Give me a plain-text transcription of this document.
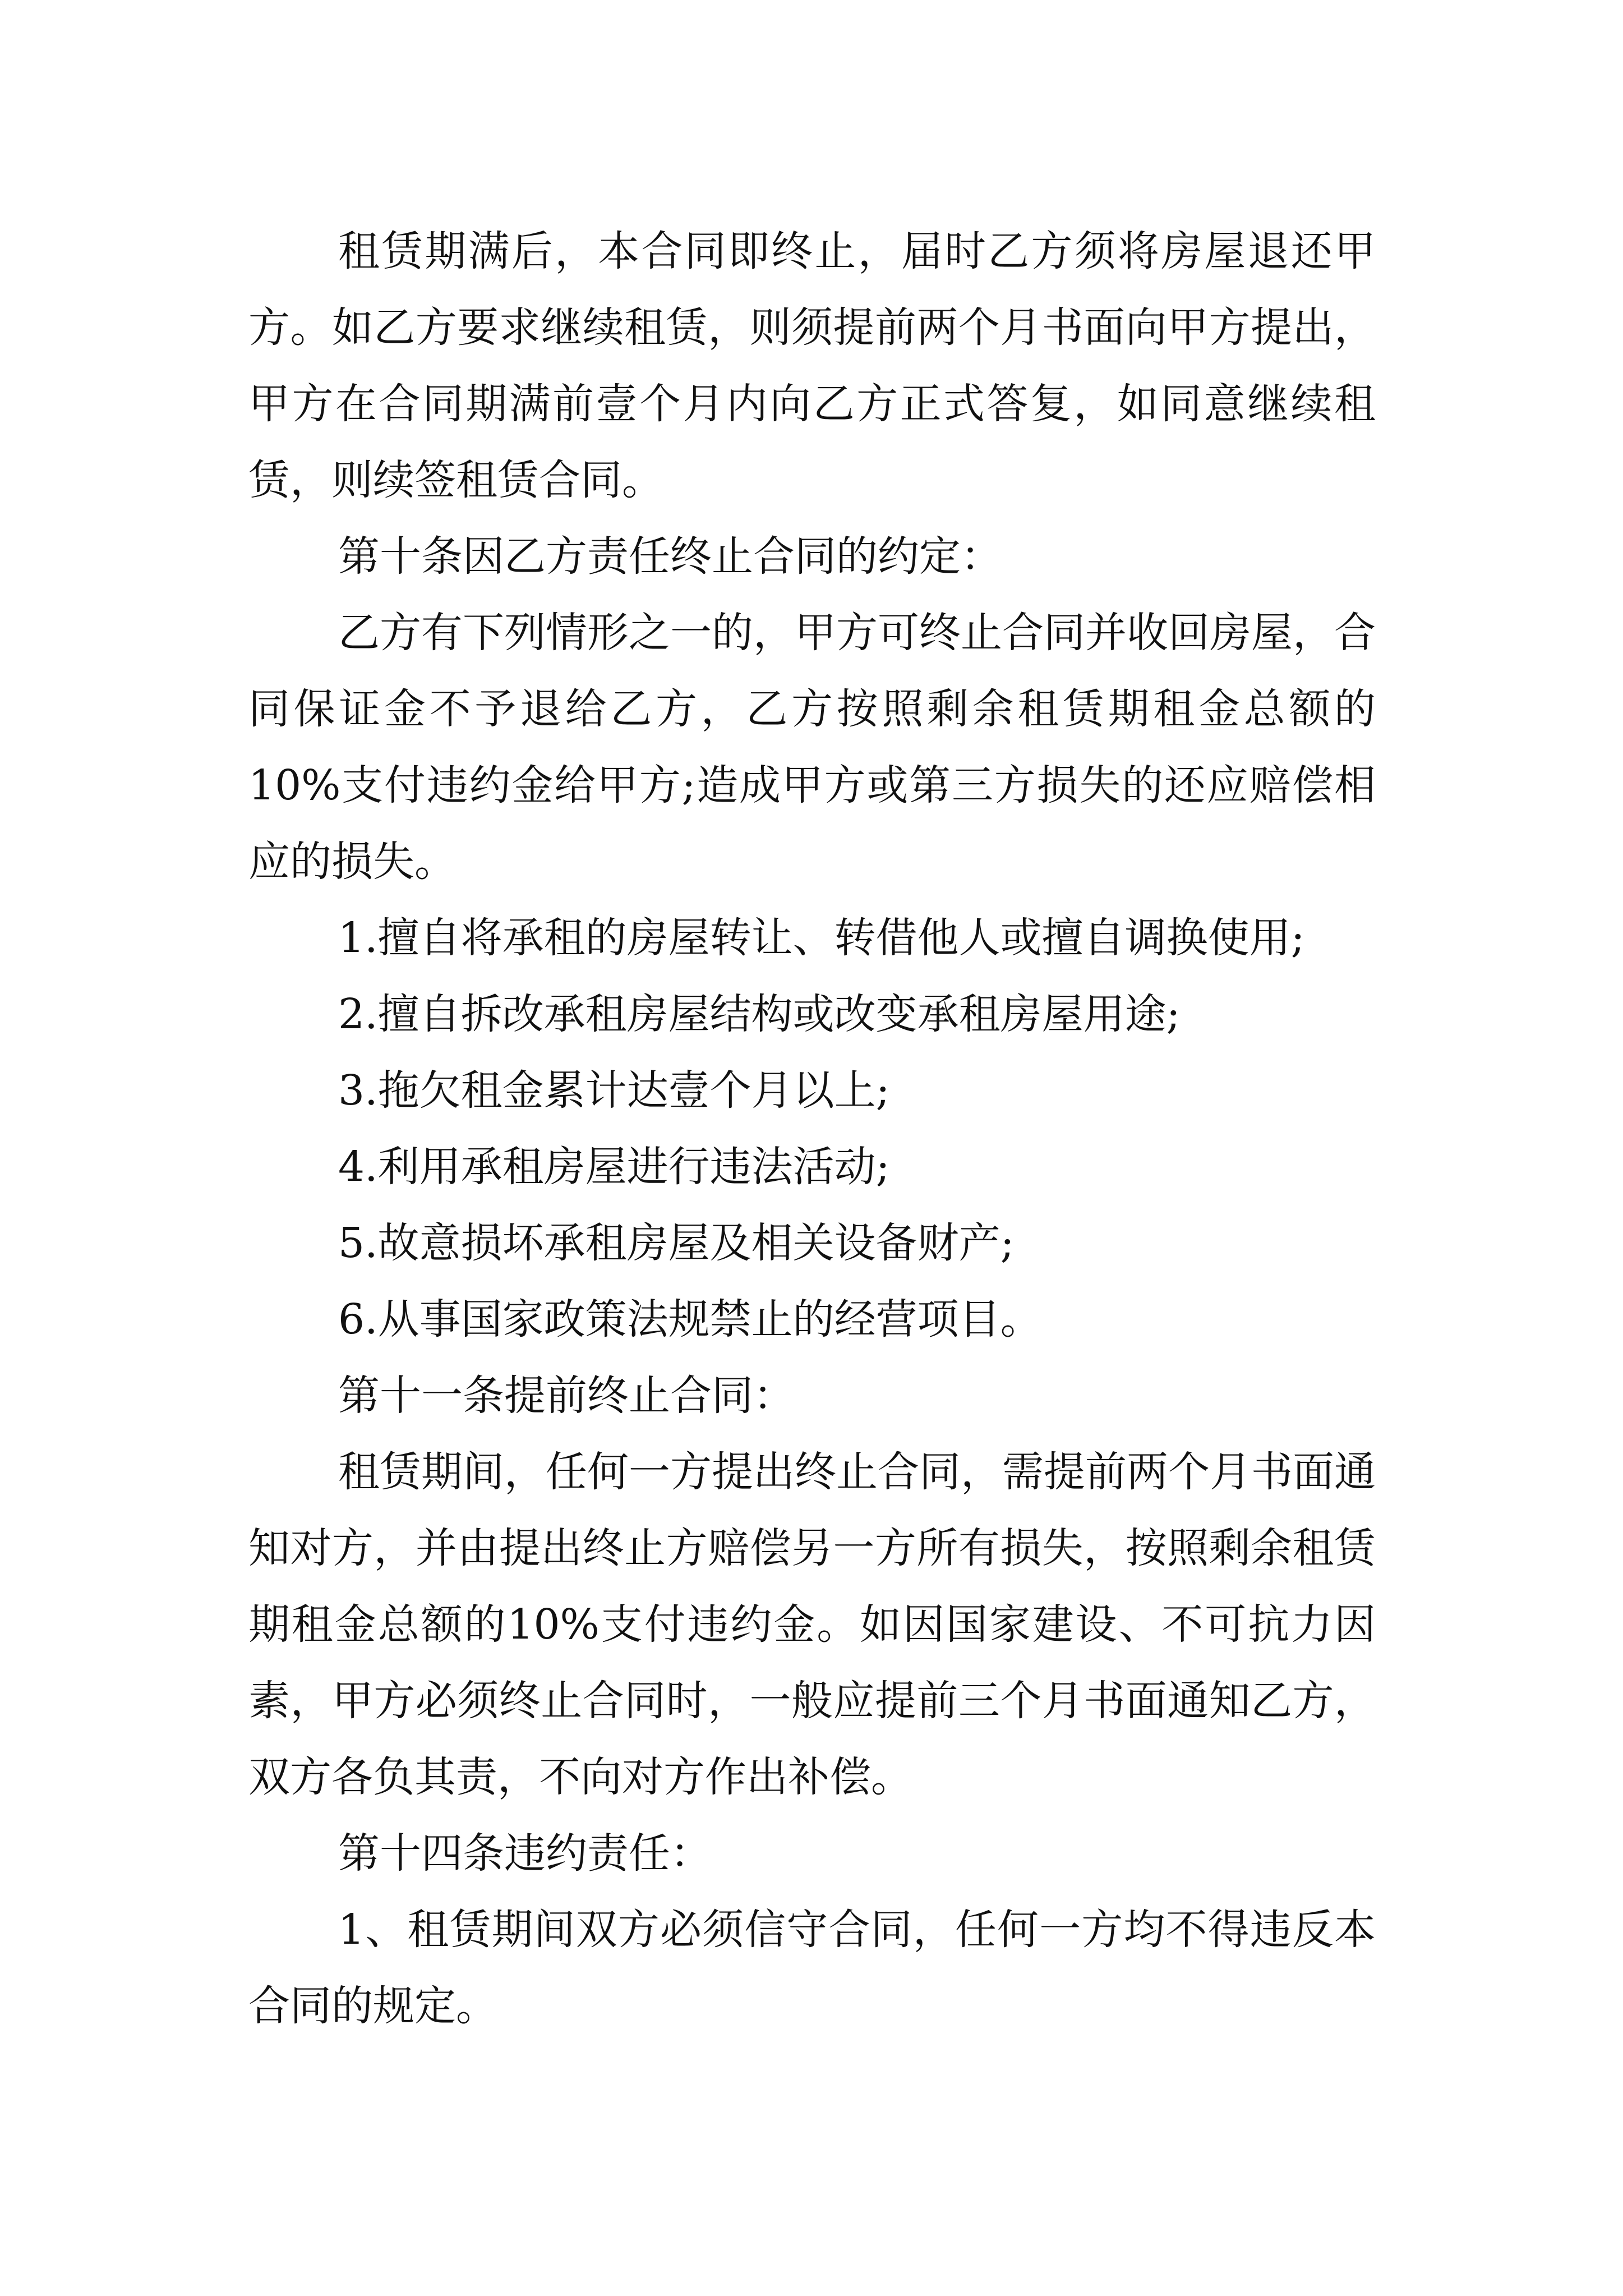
租赁期满后，本合同即终止，届时乙方须将房屋退还甲方。如乙方要求继续租赁，则须提前两个月书面向甲方提出，甲方在合同期满前壹个月内向乙方正式答复，如同意继续租赁，则续签租赁合同。

第十条因乙方责任终止合同的约定：

乙方有下列情形之一的，甲方可终止合同并收回房屋，合同保证金不予退给乙方，乙方按照剩余租赁期租金总额的10%支付违约金给甲方;造成甲方或第三方损失的还应赔偿相应的损失。

1.擅自将承租的房屋转让、转借他人或擅自调换使用;

2.擅自拆改承租房屋结构或改变承租房屋用途;

3.拖欠租金累计达壹个月以上;

4.利用承租房屋进行违法活动;

5.故意损坏承租房屋及相关设备财产;

6.从事国家政策法规禁止的经营项目。

第十一条提前终止合同：

租赁期间，任何一方提出终止合同，需提前两个月书面通知对方，并由提出终止方赔偿另一方所有损失，按照剩余租赁期租金总额的10%支付违约金。如因国家建设、不可抗力因素，甲方必须终止合同时，一般应提前三个月书面通知乙方，双方各负其责，不向对方作出补偿。

第十四条违约责任：

1、租赁期间双方必须信守合同，任何一方均不得违反本合同的规定。
